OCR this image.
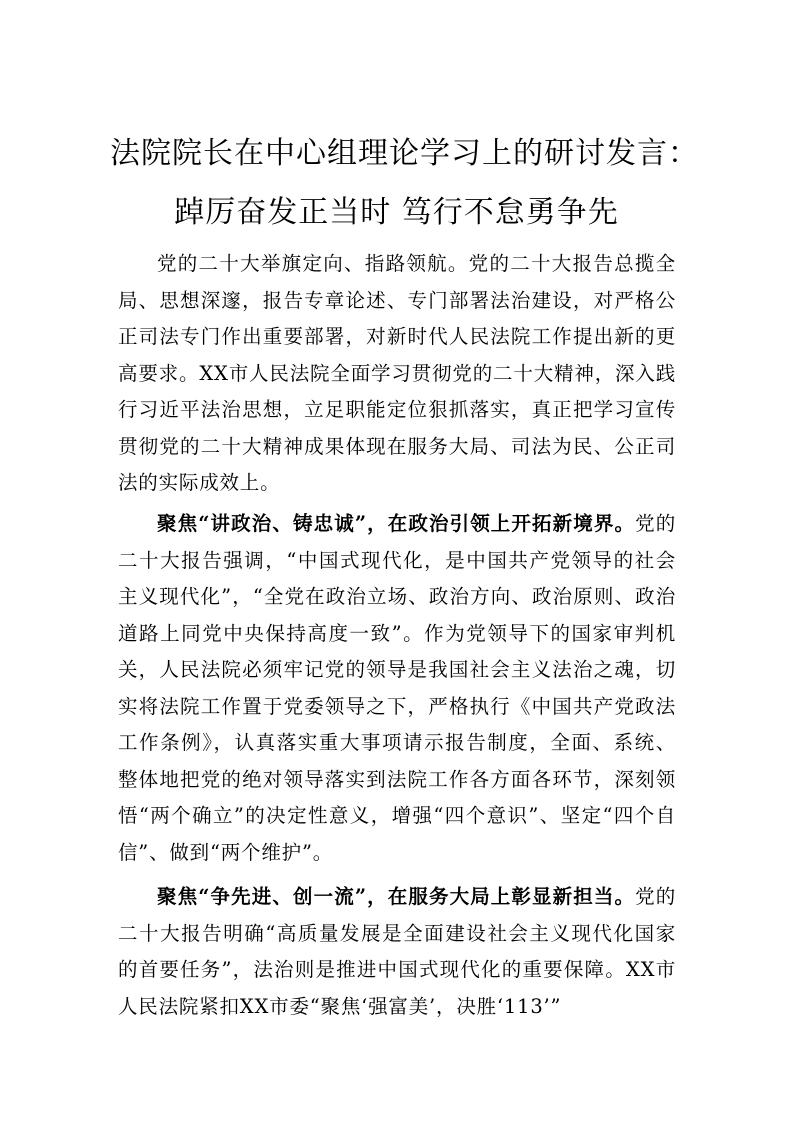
法院院长在中心组理论学习上的研讨发言：
踔厉奋发正当时 笃行不怠勇争先

党的二十大举旗定向、指路领航。党的二十大报告总揽全局、思想深邃，报告专章论述、专门部署法治建设，对严格公正司法专门作出重要部署，对新时代人民法院工作提出新的更高要求。XX市人民法院全面学习贯彻党的二十大精神，深入践行习近平法治思想，立足职能定位狠抓落实，真正把学习宣传贯彻党的二十大精神成果体现在服务大局、司法为民、公正司法的实际成效上。

聚焦“讲政治、铸忠诚”，在政治引领上开拓新境界。党的二十大报告强调，“中国式现代化，是中国共产党领导的社会主义现代化”，“全党在政治立场、政治方向、政治原则、政治道路上同党中央保持高度一致”。作为党领导下的国家审判机关，人民法院必须牢记党的领导是我国社会主义法治之魂，切实将法院工作置于党委领导之下，严格执行《中国共产党政法工作条例》，认真落实重大事项请示报告制度，全面、系统、整体地把党的绝对领导落实到法院工作各方面各环节，深刻领悟“两个确立”的决定性意义，增强“四个意识”、坚定“四个自信”、做到“两个维护”。

聚焦“争先进、创一流”，在服务大局上彰显新担当。党的二十大报告明确“高质量发展是全面建设社会主义现代化国家的首要任务”，法治则是推进中国式现代化的重要保障。XX市人民法院紧扣XX市委“聚焦‘强富美’，决胜‘113’”
